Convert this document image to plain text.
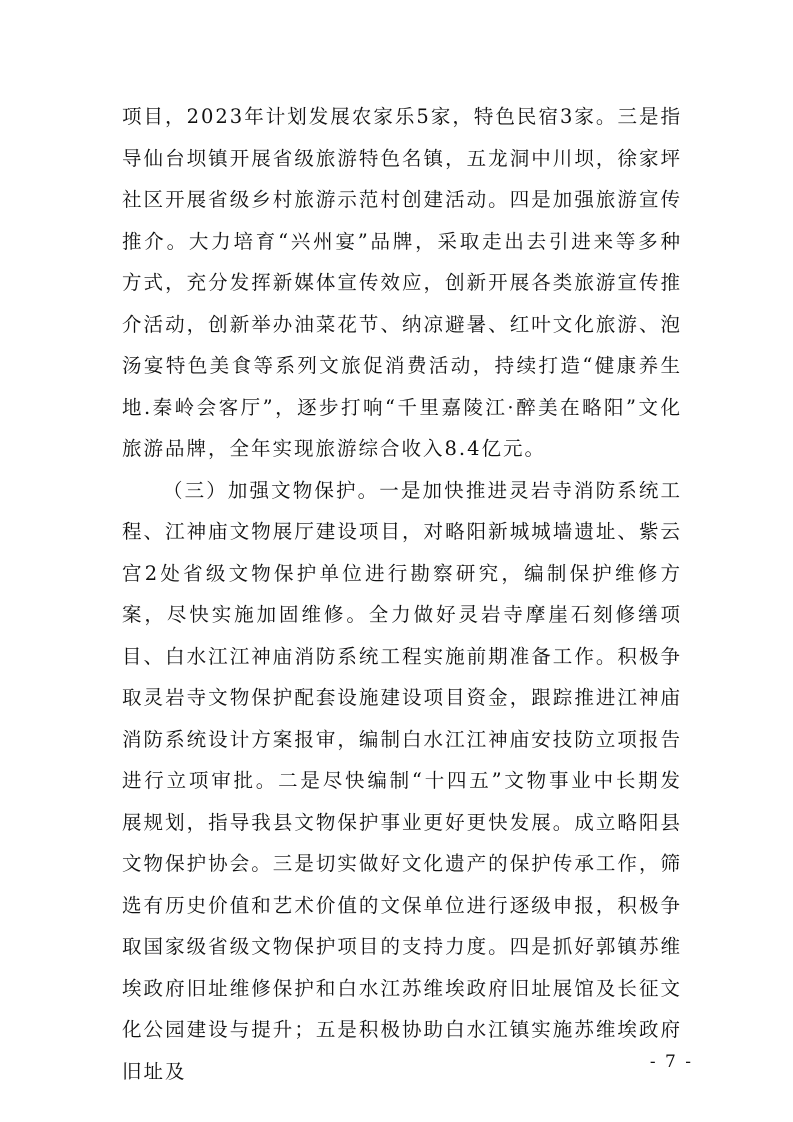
项目，2023年计划发展农家乐5家，特色民宿3家。三是指导仙台坝镇开展省级旅游特色名镇，五龙洞中川坝，徐家坪社区开展省级乡村旅游示范村创建活动。四是加强旅游宣传推介。大力培育“兴州宴”品牌，采取走出去引进来等多种方式，充分发挥新媒体宣传效应，创新开展各类旅游宣传推介活动，创新举办油菜花节、纳凉避暑、红叶文化旅游、泡汤宴特色美食等系列文旅促消费活动，持续打造“健康养生地.秦岭会客厅”，逐步打响“千里嘉陵江·醉美在略阳”文化旅游品牌，全年实现旅游综合收入8.4亿元。

（三）加强文物保护。一是加快推进灵岩寺消防系统工程、江神庙文物展厅建设项目，对略阳新城城墙遗址、紫云宫2处省级文物保护单位进行勘察研究，编制保护维修方案，尽快实施加固维修。全力做好灵岩寺摩崖石刻修缮项目、白水江江神庙消防系统工程实施前期准备工作。积极争取灵岩寺文物保护配套设施建设项目资金，跟踪推进江神庙消防系统设计方案报审，编制白水江江神庙安技防立项报告进行立项审批。二是尽快编制“十四五”文物事业中长期发展规划，指导我县文物保护事业更好更快发展。成立略阳县文物保护协会。三是切实做好文化遗产的保护传承工作，筛选有历史价值和艺术价值的文保单位进行逐级申报，积极争取国家级省级文物保护项目的支持力度。四是抓好郭镇苏维埃政府旧址维修保护和白水江苏维埃政府旧址展馆及长征文化公园建设与提升；五是积极协助白水江镇实施苏维埃政府旧址及	- 7 -
